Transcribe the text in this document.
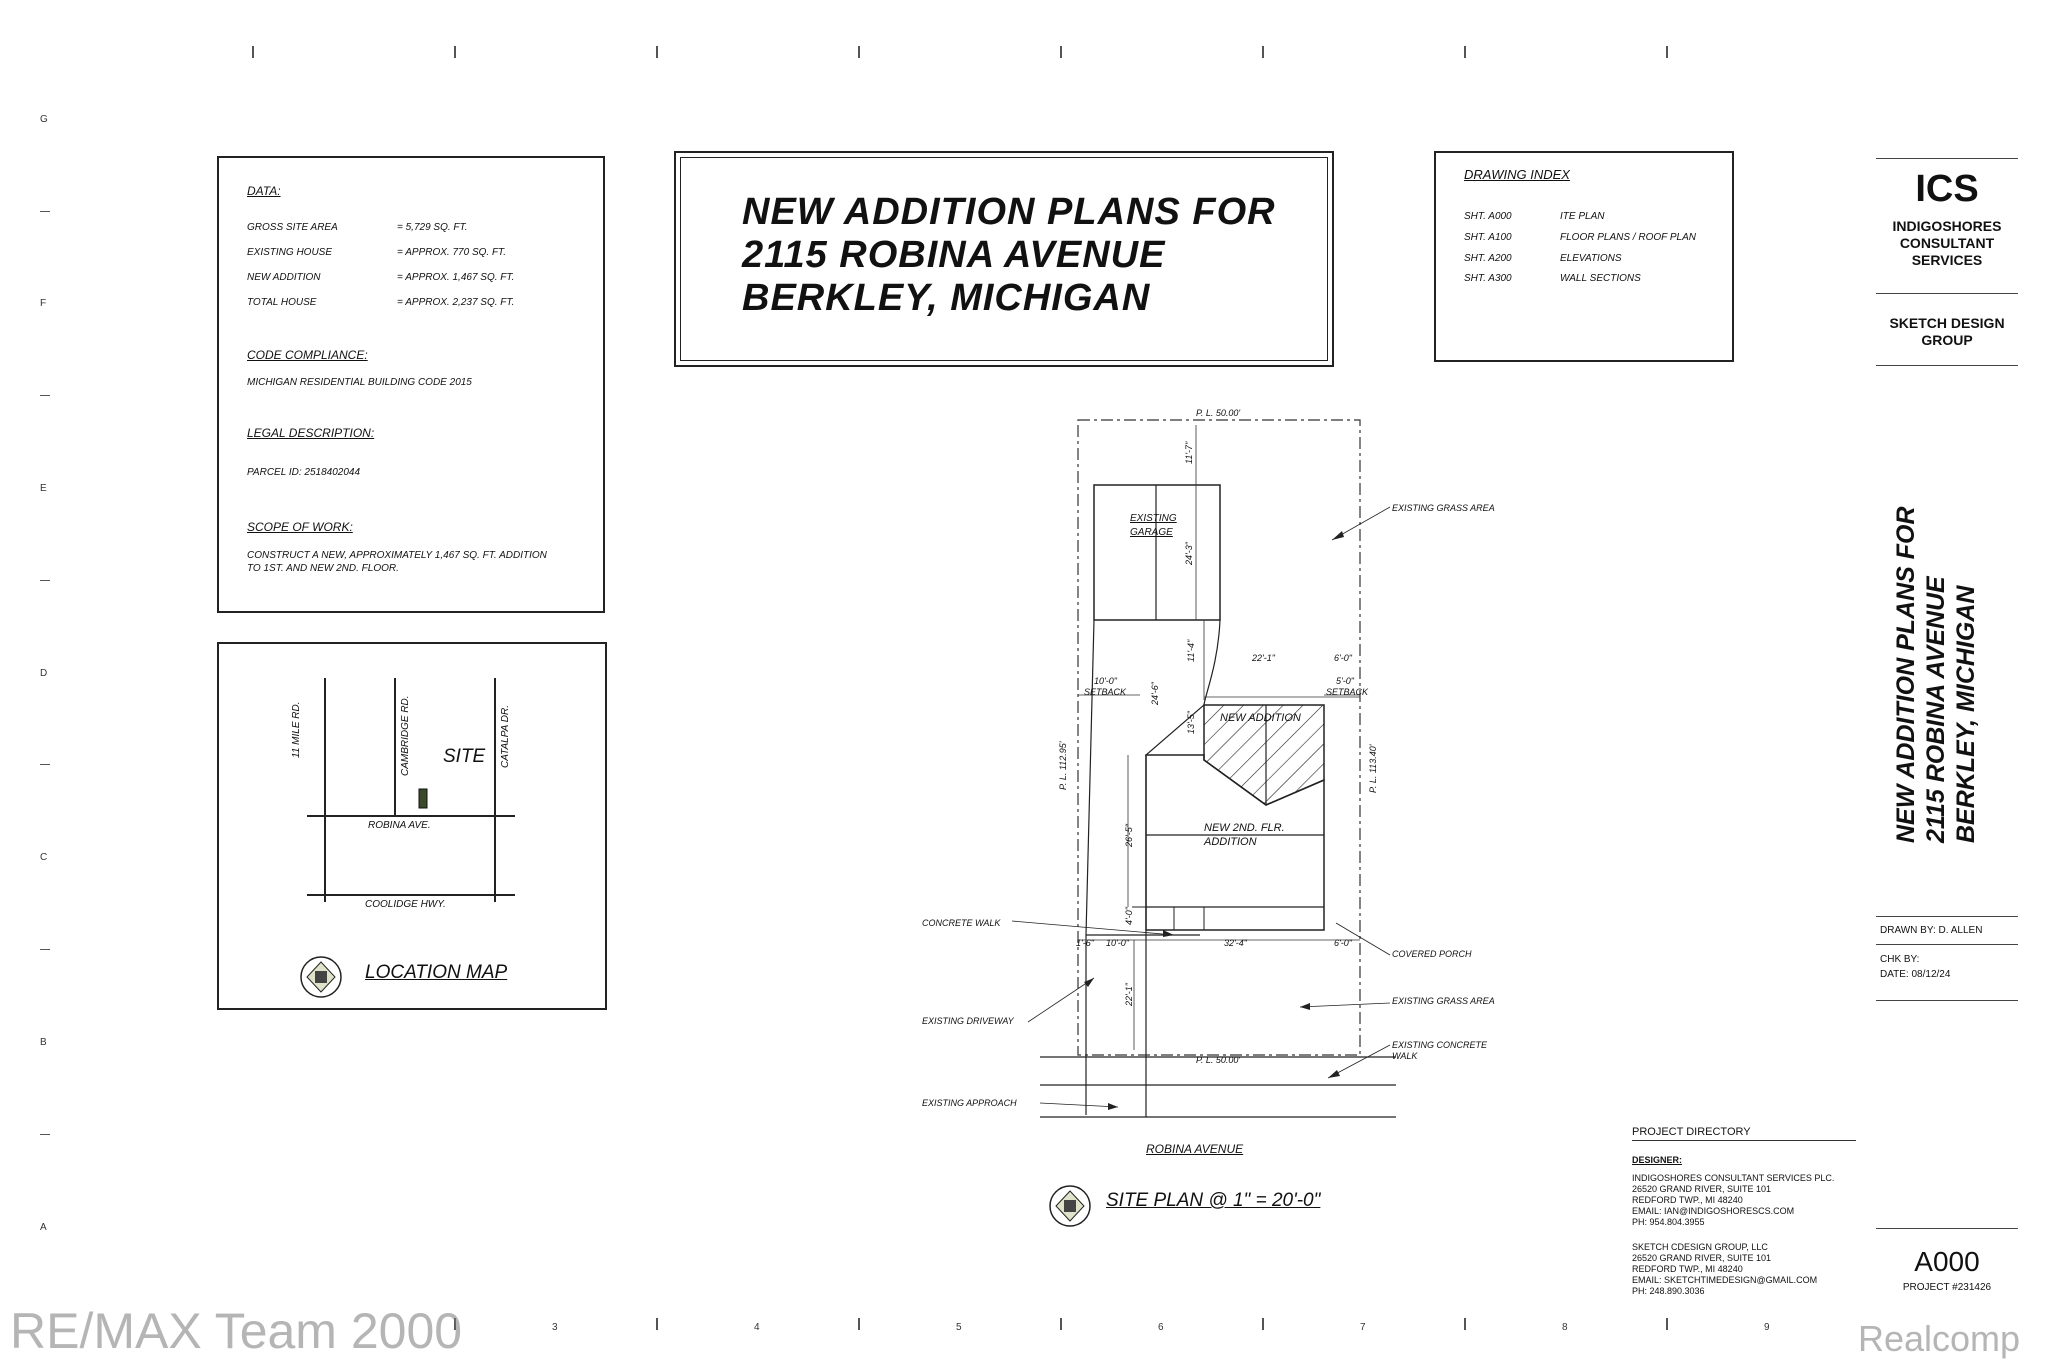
G
F
E
D
C
B
A
3	4	5	6	7	8	9
DATA:
GROSS SITE AREA	= 5,729 SQ. FT.
EXISTING HOUSE	= APPROX. 770 SQ. FT.
NEW ADDITION	= APPROX. 1,467 SQ. FT.
TOTAL HOUSE	= APPROX. 2,237 SQ. FT.
CODE COMPLIANCE:
MICHIGAN RESIDENTIAL BUILDING CODE 2015
LEGAL DESCRIPTION:
PARCEL ID: 2518402044
SCOPE OF WORK:
CONSTRUCT A NEW, APPROXIMATELY 1,467 SQ. FT. ADDITION
TO 1ST. AND NEW 2ND. FLOOR.
NEW ADDITION PLANS FOR
2115 ROBINA AVENUE
BERKLEY, MICHIGAN
DRAWING INDEX
SHT. A000	ITE PLAN
SHT. A100	FLOOR PLANS / ROOF PLAN
SHT. A200	ELEVATIONS
SHT. A300	WALL SECTIONS
ICS
INDIGOSHORES
CONSULTANT
SERVICES
SKETCH DESIGN
GROUP
NEW ADDITION PLANS FOR 2115 ROBINA AVENUE BERKLEY, MICHIGAN
DRAWN BY: D. ALLEN
CHK BY:
DATE: 08/12/24
A000
PROJECT #231426
11 MILE RD.	CAMBRIDGE RD.	CATALPA DR.
SITE
ROBINA AVE.
COOLIDGE HWY.
LOCATION MAP
P. L. 50.00'
P. L. 50.00'
P. L. 112.95'	P. L. 113.40'
11'-7"
EXISTING
GARAGE
24'-3"
11'-4"	22'-1"	6'-0"
10'-0"
SETBACK
5'-0"
SETBACK
24'-6"
13'-5" NEW ADDITION
NEW 2ND. FLR.
ADDITION
26'-5"
4'-0"
1'-6" 10'-0"	32'-4"	6'-0"
22'-1"
EXISTING GRASS AREA
EXISTING GRASS AREA
COVERED PORCH
CONCRETE WALK
EXISTING DRIVEWAY
EXISTING CONCRETE
WALK
EXISTING APPROACH
ROBINA AVENUE
SITE PLAN @ 1" = 20'-0"
PROJECT DIRECTORY
DESIGNER:
INDIGOSHORES CONSULTANT SERVICES PLC.
26520 GRAND RIVER, SUITE 101
REDFORD TWP., MI 48240
EMAIL: IAN@INDIGOSHORESCS.COM
PH: 954.804.3955
SKETCH CDESIGN GROUP, LLC
26520 GRAND RIVER, SUITE 101
REDFORD TWP., MI 48240
EMAIL: SKETCHTIMEDESIGN@GMAIL.COM
PH: 248.890.3036
RE/MAX Team 2000	Realcomp
